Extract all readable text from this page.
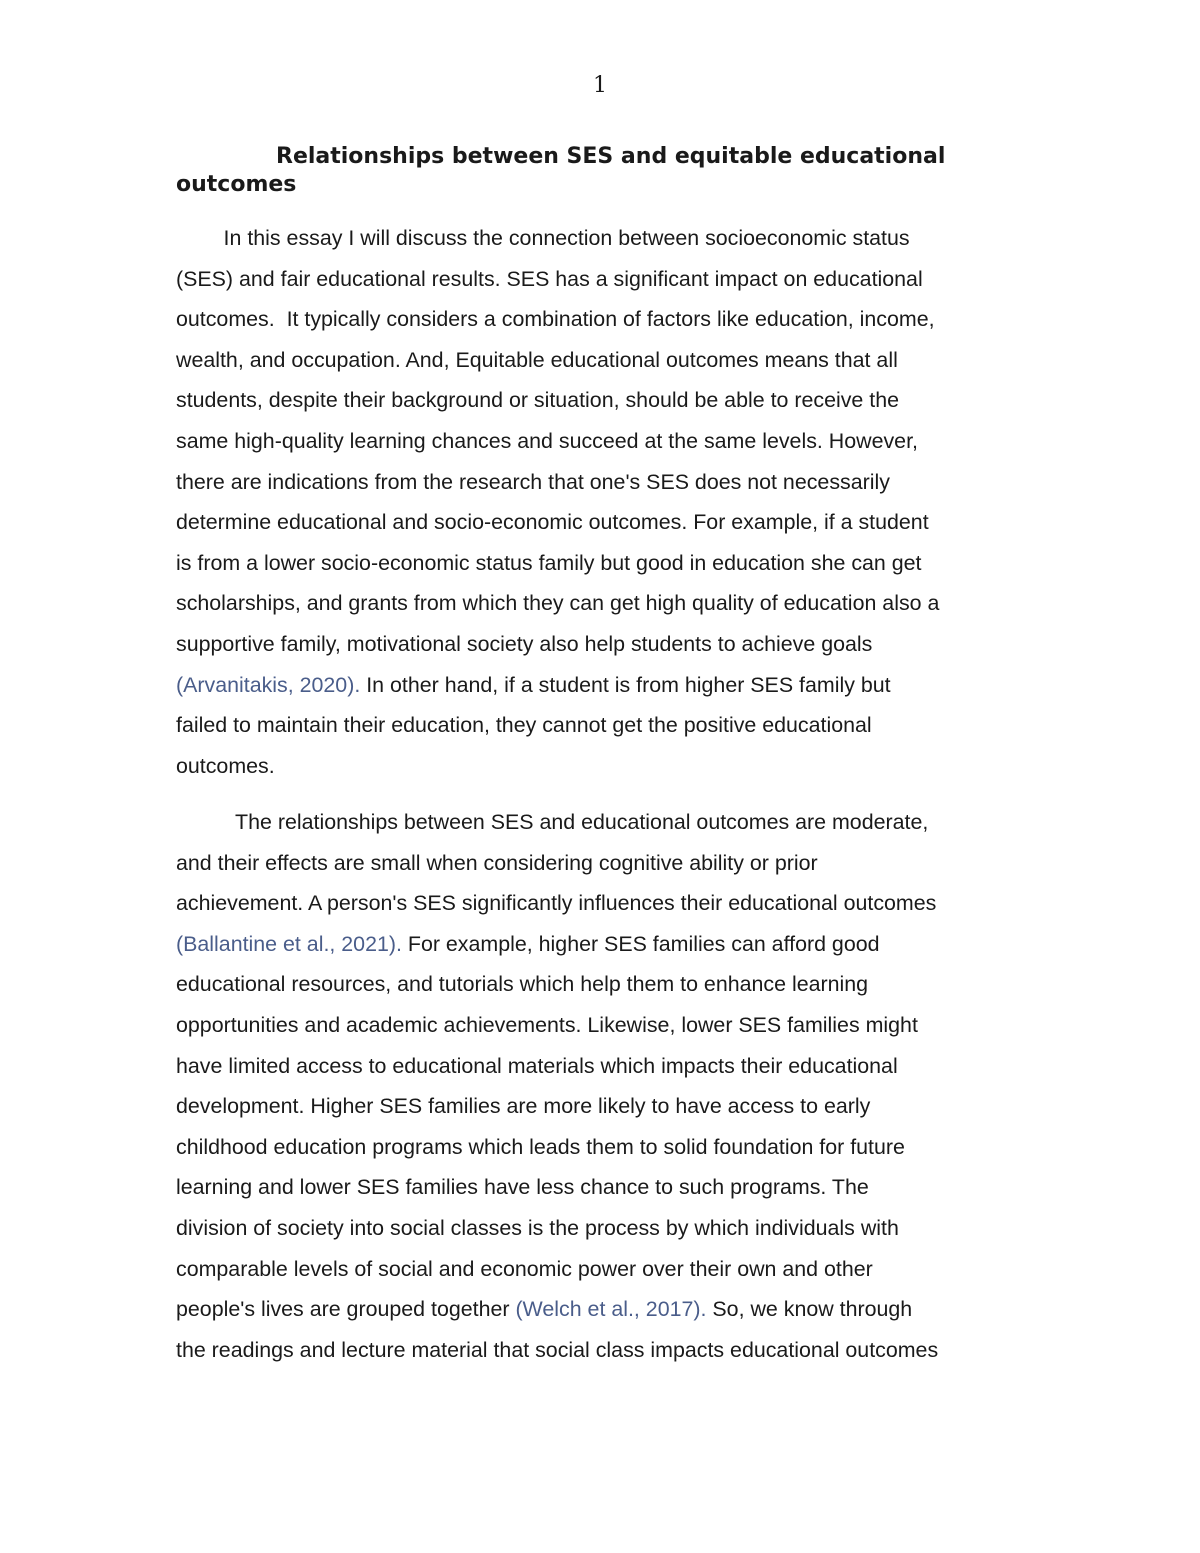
1
Relationships between SES and equitable educational outcomes
In this essay I will discuss the connection between socioeconomic status
(SES) and fair educational results. SES has a significant impact on educational
outcomes.  It typically considers a combination of factors like education, income,
wealth, and occupation. And, Equitable educational outcomes means that all
students, despite their background or situation, should be able to receive the
same high-quality learning chances and succeed at the same levels. However,
there are indications from the research that one's SES does not necessarily
determine educational and socio-economic outcomes. For example, if a student
is from a lower socio-economic status family but good in education she can get
scholarships, and grants from which they can get high quality of education also a
supportive family, motivational society also help students to achieve goals
(Arvanitakis, 2020). In other hand, if a student is from higher SES family but
failed to maintain their education, they cannot get the positive educational
outcomes.
The relationships between SES and educational outcomes are moderate,
and their effects are small when considering cognitive ability or prior
achievement. A person's SES significantly influences their educational outcomes
(Ballantine et al., 2021). For example, higher SES families can afford good
educational resources, and tutorials which help them to enhance learning
opportunities and academic achievements. Likewise, lower SES families might
have limited access to educational materials which impacts their educational
development. Higher SES families are more likely to have access to early
childhood education programs which leads them to solid foundation for future
learning and lower SES families have less chance to such programs. The
division of society into social classes is the process by which individuals with
comparable levels of social and economic power over their own and other
people's lives are grouped together (Welch et al., 2017). So, we know through
the readings and lecture material that social class impacts educational outcomes
